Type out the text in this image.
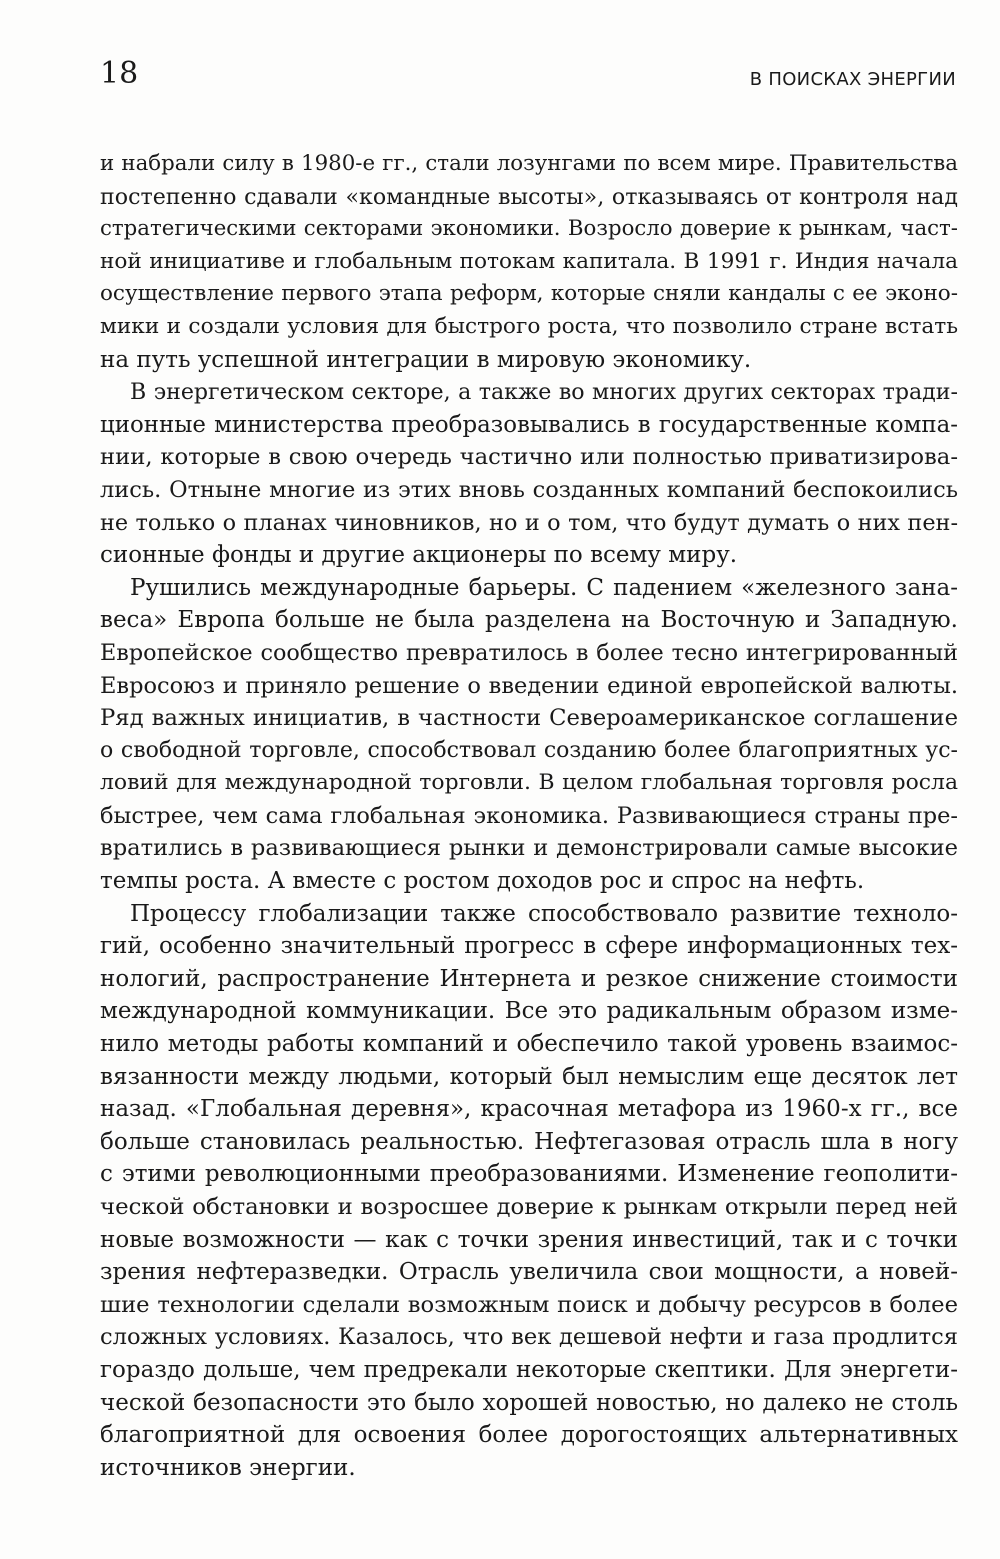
18	В ПОИСКАХ ЭНЕРГИИ

и набрали силу в 1980-е гг., стали лозунгами по всем мире. Правительства
постепенно сдавали «командные высоты», отказываясь от контроля над
стратегическими секторами экономики. Возросло доверие к рынкам, част-
ной инициативе и глобальным потокам капитала. В 1991 г. Индия начала
осуществление первого этапа реформ, которые сняли кандалы с ее эконо-
мики и создали условия для быстрого роста, что позволило стране встать
на путь успешной интеграции в мировую экономику.

В энергетическом секторе, а также во многих других секторах тради-
ционные министерства преобразовывались в государственные компа-
нии, которые в свою очередь частично или полностью приватизирова-
лись. Отныне многие из этих вновь созданных компаний беспокоились
не только о планах чиновников, но и о том, что будут думать о них пен-
сионные фонды и другие акционеры по всему миру.

Рушились международные барьеры. С падением «железного зана-
веса» Европа больше не была разделена на Восточную и Западную.
Европейское сообщество превратилось в более тесно интегрированный
Евросоюз и приняло решение о введении единой европейской валюты.
Ряд важных инициатив, в частности Североамериканское соглашение
о свободной торговле, способствовал созданию более благоприятных ус-
ловий для международной торговли. В целом глобальная торговля росла
быстрее, чем сама глобальная экономика. Развивающиеся страны пре-
вратились в развивающиеся рынки и демонстрировали самые высокие
темпы роста. А вместе с ростом доходов рос и спрос на нефть.

Процессу глобализации также способствовало развитие техноло-
гий, особенно значительный прогресс в сфере информационных тех-
нологий, распространение Интернета и резкое снижение стоимости
международной коммуникации. Все это радикальным образом изме-
нило методы работы компаний и обеспечило такой уровень взаимос-
вязанности между людьми, который был немыслим еще десяток лет
назад. «Глобальная деревня», красочная метафора из 1960-х гг., все
больше становилась реальностью. Нефтегазовая отрасль шла в ногу
с этими революционными преобразованиями. Изменение геополити-
ческой обстановки и возросшее доверие к рынкам открыли перед ней
новые возможности — как с точки зрения инвестиций, так и с точки
зрения нефтеразведки. Отрасль увеличила свои мощности, а новей-
шие технологии сделали возможным поиск и добычу ресурсов в более
сложных условиях. Казалось, что век дешевой нефти и газа продлится
гораздо дольше, чем предрекали некоторые скептики. Для энергети-
ческой безопасности это было хорошей новостью, но далеко не столь
благоприятной для освоения более дорогостоящих альтернативных
источников энергии.
